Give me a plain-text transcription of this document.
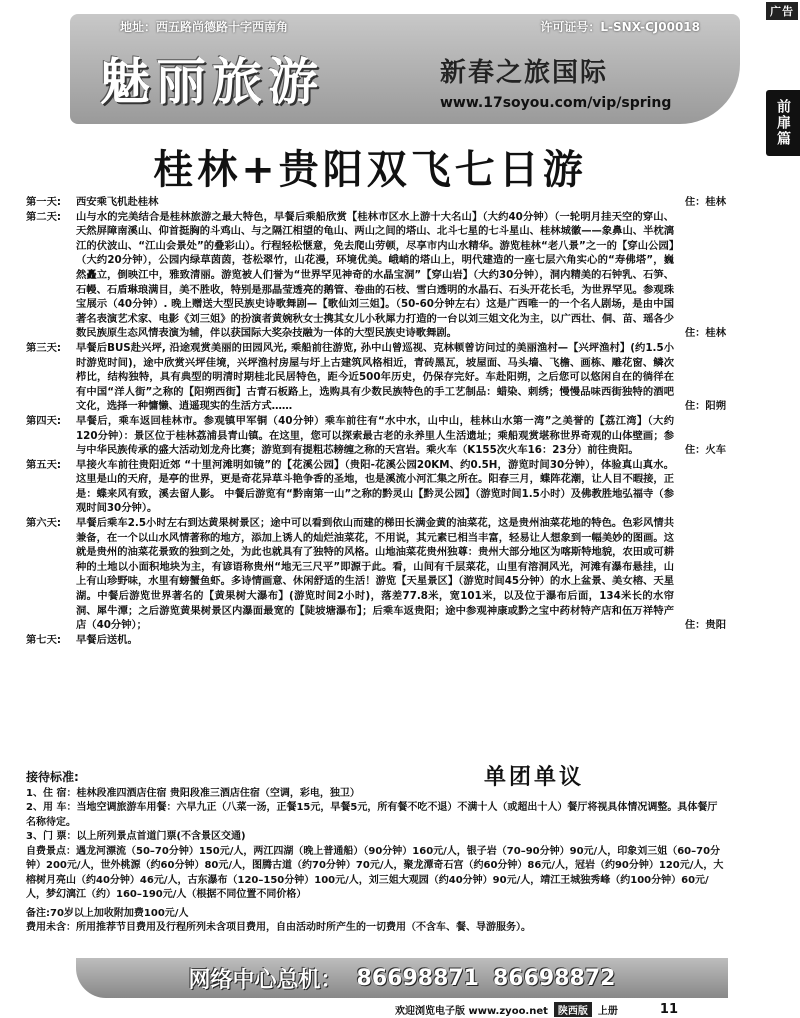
广告
前扉篇
地址：西五路尚德路十字西南角	许可证号：L-SNX-CJ00018
魅丽旅游	新春之旅国际
www.17soyou.com/vip/spring
桂林+贵阳双飞七日游
第一天:	西安乘飞机赴桂林	住：桂林
第二天:	山与水的完美结合是桂林旅游之最大特色，早餐后乘船欣赏【桂林市区水上游十大名山】（大约40分钟）（一轮明月挂天空的穿山、天然屏障南溪山、仰首挺胸的斗鸡山、与之隔江相望的龟山、两山之间的塔山、北斗七星的七斗星山、桂林城徽——象鼻山、半枕漓江的伏波山、“江山会景处”的叠彩山）。行程轻松惬意，免去爬山劳顿，尽享市内山水精华。游览桂林“老八景”之一的【穿山公园】（大约20分钟），公园内绿草茵茵，苍松翠竹，山花漫，环境优美。峨峭的塔山上，明代建造的一座七层六角实心的“寿佛塔”，巍然矗立，倒映江中，雅致清丽。游览被人们誉为“世界罕见神奇的水晶宝洞”【穿山岩】（大约30分钟），洞内精美的石钟乳、石笋、石幔、石盾琳琅满目，美不胜收，特别是那晶莹透亮的鹅管、卷曲的石枝、雪白透明的水晶石、石头开花长毛，为世界罕见。参观珠宝展示（40分钟）. 晚上赠送大型民族史诗歌舞剧—【歌仙刘三姐】。（50-60分钟左右）这是广西唯一的一个名人剧场，是由中国著名表演艺术家、电影《刘三姐》的扮演者黄婉秋女士携其女儿小秋犀力打造的一台以刘三姐文化为主，以广西壮、侗、苗、瑶各少数民族原生态风情表演为辅，伴以获国际大奖杂技融为一体的大型民族史诗歌舞剧。	住：桂林
第三天:	早餐后BUS赴兴坪, 沿途观赏美丽的田园风光, 乘船前往游览, 孙中山曾巡视、克林顿曾访问过的美丽渔村—【兴坪渔村】(约1.5小时游览时间)，途中欣赏兴坪佳境，兴坪渔村房屋与圩上古建筑风格相近，青砖黑瓦，坡屋面、马头墙、飞檐、画栋、雕花窗、鳞次栉比，结构独特，具有典型的明清时期桂北民居特色，距今近500年历史，仍保存完好。车赴阳朔，之后您可以悠闲自在的徜徉在有中国“洋人街”之称的【阳朔西街】古青石板路上，选购具有少数民族特色的手工艺制品：蜡染、刺绣；慢慢品味西街独特的酒吧文化，选择一种慵懒、逍遥现实的生活方式……	住：阳朔
第四天:	早餐后，乘车返回桂林市。参观镇甲军铜（40分钟）乘车前往有“水中水，山中山，桂林山水第一湾”之美誉的【荔江湾】（大约120分钟）：景区位于桂林荔浦县青山镇。在这里，您可以探索最古老的永养里人生活遗址；乘船观赏堪称世界奇观的山体壁画；参与中华民族传承的盛大活动划龙舟比赛；游览到有提粗芯耪缠之称的天宫岩。乘火车（K155次火车16：23分）前往贵阳。	住：火车
第五天:	早接火车前往贵阳近郊 “十里河滩明如镜”的【花溪公园】（贵阳-花溪公园20KM、约0.5H，游览时间30分钟），体验真山真水。这里是山的天府，是亭的世界，更是奇花异草斗艳争香的圣地，也是溪流小河汇集之所在。阳春三月，蝶阵花潮，让人目不暇接，正是：蝶来风有致，溪去留人影。 中餐后游览有“黔南第一山”之称的黔灵山【黔灵公园】（游览时间1.5小时）及佛教胜地弘福寺（参观时间30分钟）。
第六天:	早餐后乘车2.5小时左右到达黄果树景区；途中可以看到依山而建的梯田长满金黄的油菜花，这是贵州油菜花地的特色。色彩风情共兼备，在一个以山水风情著称的地方，添加上诱人的灿烂油菜花，不用说，其元素已相当丰富，轻易让人想象到一幅美妙的图画。这就是贵州的油菜花景致的独到之处，为此也就具有了独特的风格。山地油菜花贵州独尊：贵州大部分地区为喀斯特地貌，农田或可耕种的土地以小面积地块为主，有谚语称贵州“地无三尺平”即源于此。看，山间有千层菜花，山里有溶洞风光，河滩有瀑布悬挂，山上有山珍野味，水里有螃蟹鱼虾。多诗情画意、休闲舒适的生活！游览【天星景区】（游览时间45分钟）的水上盆景、美女榕、天星湖。中餐后游览世界著名的【黄果树大瀑布】(游览时间2小时)，落差77.8米，宽101米，以及位于瀑布后面，134米长的水帘洞、犀牛潭；之后游览黄果树景区内瀑面最宽的【陡坡塘瀑布】；后乘车返贵阳；途中参观神康或黔之宝中药材特产店和伍万祥特产店（40分钟）；	住：贵阳
第七天:	早餐后送机。
单团单议
接待标准:
1、住 宿：桂林段准四酒店住宿 贵阳段准三酒店住宿（空调，彩电，独卫）
2、用 车：当地空调旅游车用餐：六早九正（八菜一汤，正餐15元，早餐5元，所有餐不吃不退）不满十人（或超出十人）餐厅将视具体情况调整。具体餐厅名称待定。
3、门 票：以上所列景点首道门票(不含景区交通)
自费景点：遇龙河漂流（50–70分钟）150元/人，两江四湖（晚上普通船）（90分钟）160元/人，银子岩（70–90分钟）90元/人，印象刘三姐（60–70分钟）200元/人，世外桃源（约60分钟）80元/人，图腾古道（约70分钟）70元/人，聚龙潭奇石宫（约60分钟）86元/人，冠岩（约90分钟）120元/人，大榕树月亮山（约40分钟）46元/人，古东瀑布（120–150分钟）100元/人，刘三姐大观园（约40分钟）90元/人，靖江王城独秀峰（约100分钟）60元/人，梦幻漓江（约）160–190元/人（根据不同位置不同价格）
备注:70岁以上加收附加费100元/人
费用未含：所用推荐节目费用及行程所列未含项目费用，自由活动时所产生的一切费用（不含车、餐、导游服务）。
网络中心总机： 86698871 86698872
欢迎浏览电子版 www.zyoo.net	陕西版	上册	11
